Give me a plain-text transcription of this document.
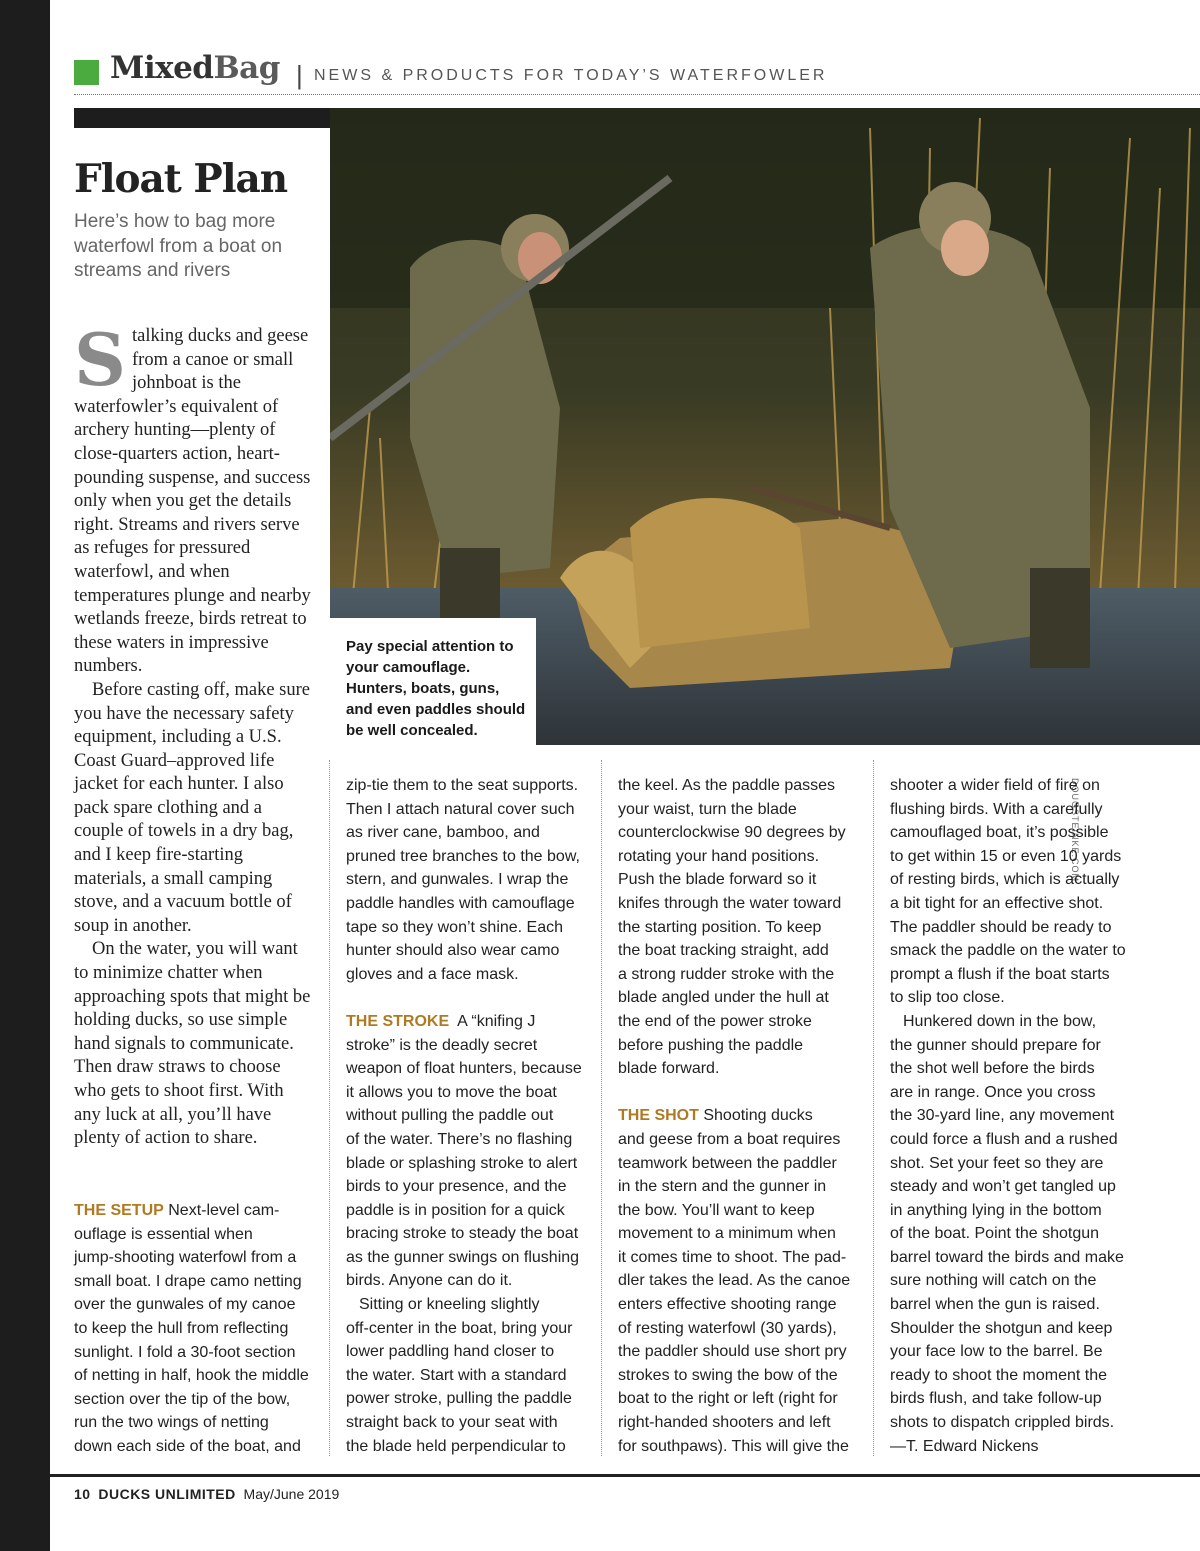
MixedBag | NEWS & PRODUCTS FOR TODAY’S WATERFOWLER
Pay special attention to your camouflage. Hunters, boats, guns, and even paddles should be well concealed.
DOUGSTEINKE.COM
Float Plan
Here’s how to bag more waterfowl from a boat on streams and rivers

Stalking ducks and geese from a canoe or small johnboat is the waterfowler’s equivalent of archery hunting—plenty of close-quarters action, heart-pounding suspense, and success only when you get the details right. Streams and rivers serve as refuges for pressured waterfowl, and when temperatures plunge and nearby wetlands freeze, birds retreat to these waters in impressive numbers.

Before casting off, make sure you have the necessary safety equipment, including a U.S. Coast Guard–approved life jacket for each hunter. I also pack spare clothing and a couple of towels in a dry bag, and I keep fire-starting materials, a small camping stove, and a vacuum bottle of soup in another.

On the water, you will want to minimize chatter when approaching spots that might be holding ducks, so use simple hand signals to communicate. Then draw straws to choose who gets to shoot first. With any luck at all, you’ll have plenty of action to share.

THE SETUP Next-level cam-
ouflage is essential when
jump-shooting waterfowl from a
small boat. I drape camo netting
over the gunwales of my canoe
to keep the hull from reflecting
sunlight. I fold a 30-foot section
of netting in half, hook the middle
section over the tip of the bow,
run the two wings of netting
down each side of the boat, and
zip-tie them to the seat supports.
Then I attach natural cover such
as river cane, bamboo, and
pruned tree branches to the bow,
stern, and gunwales. I wrap the
paddle handles with camouflage
tape so they won’t shine. Each
hunter should also wear camo
gloves and a face mask.
THE STROKE A “knifing J
stroke” is the deadly secret
weapon of float hunters, because
it allows you to move the boat
without pulling the paddle out
of the water. There’s no flashing
blade or splashing stroke to alert
birds to your presence, and the
paddle is in position for a quick
bracing stroke to steady the boat
as the gunner swings on flushing
birds. Anyone can do it.
Sitting or kneeling slightly
off-center in the boat, bring your
lower paddling hand closer to
the water. Start with a standard
power stroke, pulling the paddle
straight back to your seat with
the blade held perpendicular to
the keel. As the paddle passes
your waist, turn the blade
counterclockwise 90 degrees by
rotating your hand positions.
Push the blade forward so it
knifes through the water toward
the starting position. To keep
the boat tracking straight, add
a strong rudder stroke with the
blade angled under the hull at
the end of the power stroke
before pushing the paddle
blade forward.
THE SHOT Shooting ducks
and geese from a boat requires
teamwork between the paddler
in the stern and the gunner in
the bow. You’ll want to keep
movement to a minimum when
it comes time to shoot. The pad-
dler takes the lead. As the canoe
enters effective shooting range
of resting waterfowl (30 yards),
the paddler should use short pry
strokes to swing the bow of the
boat to the right or left (right for
right-handed shooters and left
for southpaws). This will give the
shooter a wider field of fire on
flushing birds. With a carefully
camouflaged boat, it’s possible
to get within 15 or even 10 yards
of resting birds, which is actually
a bit tight for an effective shot.
The paddler should be ready to
smack the paddle on the water to
prompt a flush if the boat starts
to slip too close.
Hunkered down in the bow,
the gunner should prepare for
the shot well before the birds
are in range. Once you cross
the 30-yard line, any movement
could force a flush and a rushed
shot. Set your feet so they are
steady and won’t get tangled up
in anything lying in the bottom
of the boat. Point the shotgun
barrel toward the birds and make
sure nothing will catch on the
barrel when the gun is raised.
Shoulder the shotgun and keep
your face low to the barrel. Be
ready to shoot the moment the
birds flush, and take follow-up
shots to dispatch crippled birds.
—T. Edward Nickens
10 DUCKS UNLIMITED May/June 2019
